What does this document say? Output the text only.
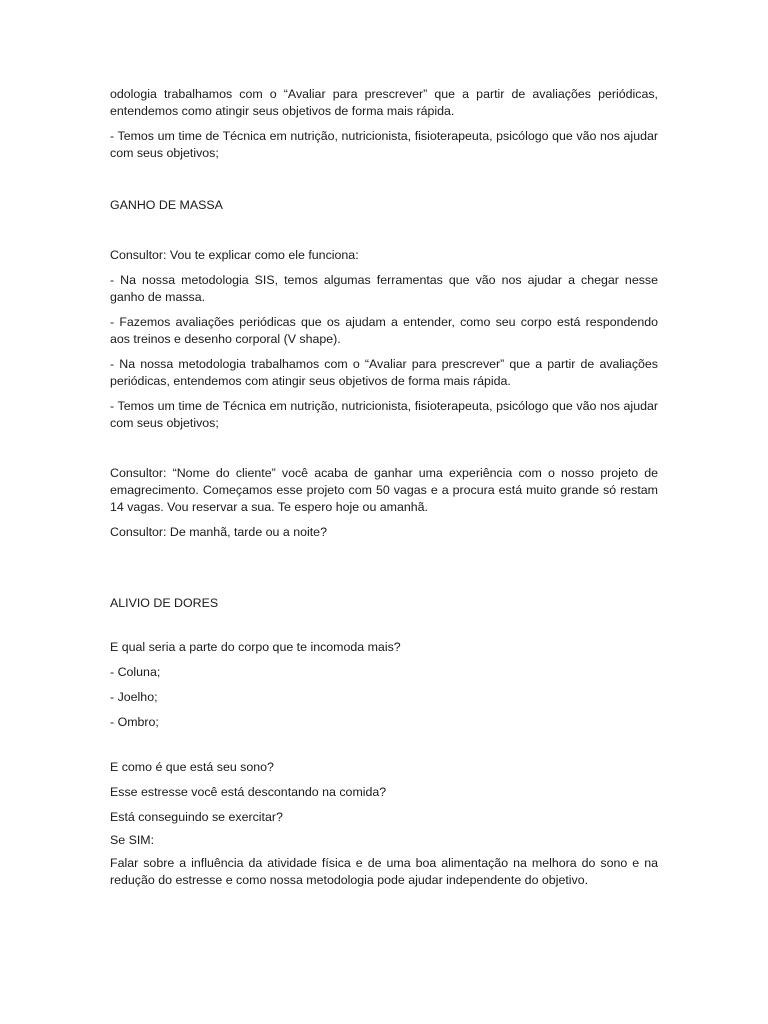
odologia trabalhamos com o “Avaliar para prescrever” que a partir de avaliações periódicas, entendemos como atingir seus objetivos de forma mais rápida.

- Temos um time de Técnica em nutrição, nutricionista, fisioterapeuta, psicólogo que vão nos ajudar com seus objetivos;

GANHO DE MASSA

Consultor: Vou te explicar como ele funciona:

- Na nossa metodologia SIS, temos algumas ferramentas que vão nos ajudar a chegar nesse ganho de massa.

- Fazemos avaliações periódicas que os ajudam a entender, como seu corpo está respondendo aos treinos e desenho corporal (V shape).

- Na nossa metodologia trabalhamos com o “Avaliar para prescrever” que a partir de avaliações periódicas, entendemos com atingir seus objetivos de forma mais rápida.

- Temos um time de Técnica em nutrição, nutricionista, fisioterapeuta, psicólogo que vão nos ajudar com seus objetivos;

Consultor: “Nome do cliente” você acaba de ganhar uma experiência com o nosso projeto de emagrecimento. Começamos esse projeto com 50 vagas e a procura está muito grande só restam 14 vagas. Vou reservar a sua. Te espero hoje ou amanhã.

Consultor: De manhã, tarde ou a noite?

ALIVIO DE DORES

E qual seria a parte do corpo que te incomoda mais?

- Coluna;

- Joelho;

- Ombro;

E como é que está seu sono?

Esse estresse você está descontando na comida?

Está conseguindo se exercitar?

Se SIM:

Falar sobre a influência da atividade física e de uma boa alimentação na melhora do sono e na redução do estresse e como nossa metodologia pode ajudar independente do objetivo.
